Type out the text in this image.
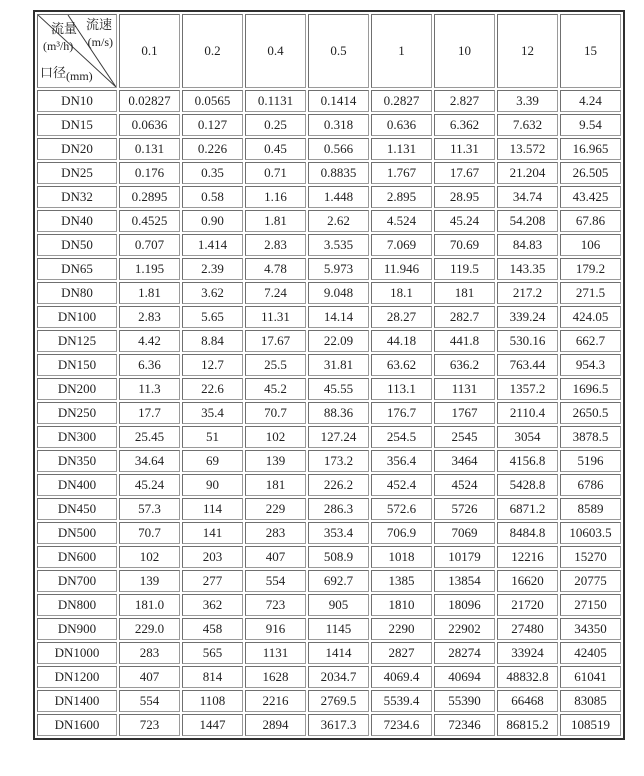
流量
(m³/h)
流速
(m/s)
口径(mm)	0.1	0.2	0.4	0.5	1	10	12	15
DN10	0.02827	0.0565	0.1131	0.1414	0.2827	2.827	3.39	4.24
DN15	0.0636	0.127	0.25	0.318	0.636	6.362	7.632	9.54
DN20	0.131	0.226	0.45	0.566	1.131	11.31	13.572	16.965
DN25	0.176	0.35	0.71	0.8835	1.767	17.67	21.204	26.505
DN32	0.2895	0.58	1.16	1.448	2.895	28.95	34.74	43.425
DN40	0.4525	0.90	1.81	2.62	4.524	45.24	54.208	67.86
DN50	0.707	1.414	2.83	3.535	7.069	70.69	84.83	106
DN65	1.195	2.39	4.78	5.973	11.946	119.5	143.35	179.2
DN80	1.81	3.62	7.24	9.048	18.1	181	217.2	271.5
DN100	2.83	5.65	11.31	14.14	28.27	282.7	339.24	424.05
DN125	4.42	8.84	17.67	22.09	44.18	441.8	530.16	662.7
DN150	6.36	12.7	25.5	31.81	63.62	636.2	763.44	954.3
DN200	11.3	22.6	45.2	45.55	113.1	1131	1357.2	1696.5
DN250	17.7	35.4	70.7	88.36	176.7	1767	2110.4	2650.5
DN300	25.45	51	102	127.24	254.5	2545	3054	3878.5
DN350	34.64	69	139	173.2	356.4	3464	4156.8	5196
DN400	45.24	90	181	226.2	452.4	4524	5428.8	6786
DN450	57.3	114	229	286.3	572.6	5726	6871.2	8589
DN500	70.7	141	283	353.4	706.9	7069	8484.8	10603.5
DN600	102	203	407	508.9	1018	10179	12216	15270
DN700	139	277	554	692.7	1385	13854	16620	20775
DN800	181.0	362	723	905	1810	18096	21720	27150
DN900	229.0	458	916	1145	2290	22902	27480	34350
DN1000	283	565	1131	1414	2827	28274	33924	42405
DN1200	407	814	1628	2034.7	4069.4	40694	48832.8	61041
DN1400	554	1108	2216	2769.5	5539.4	55390	66468	83085
DN1600	723	1447	2894	3617.3	7234.6	72346	86815.2	108519
